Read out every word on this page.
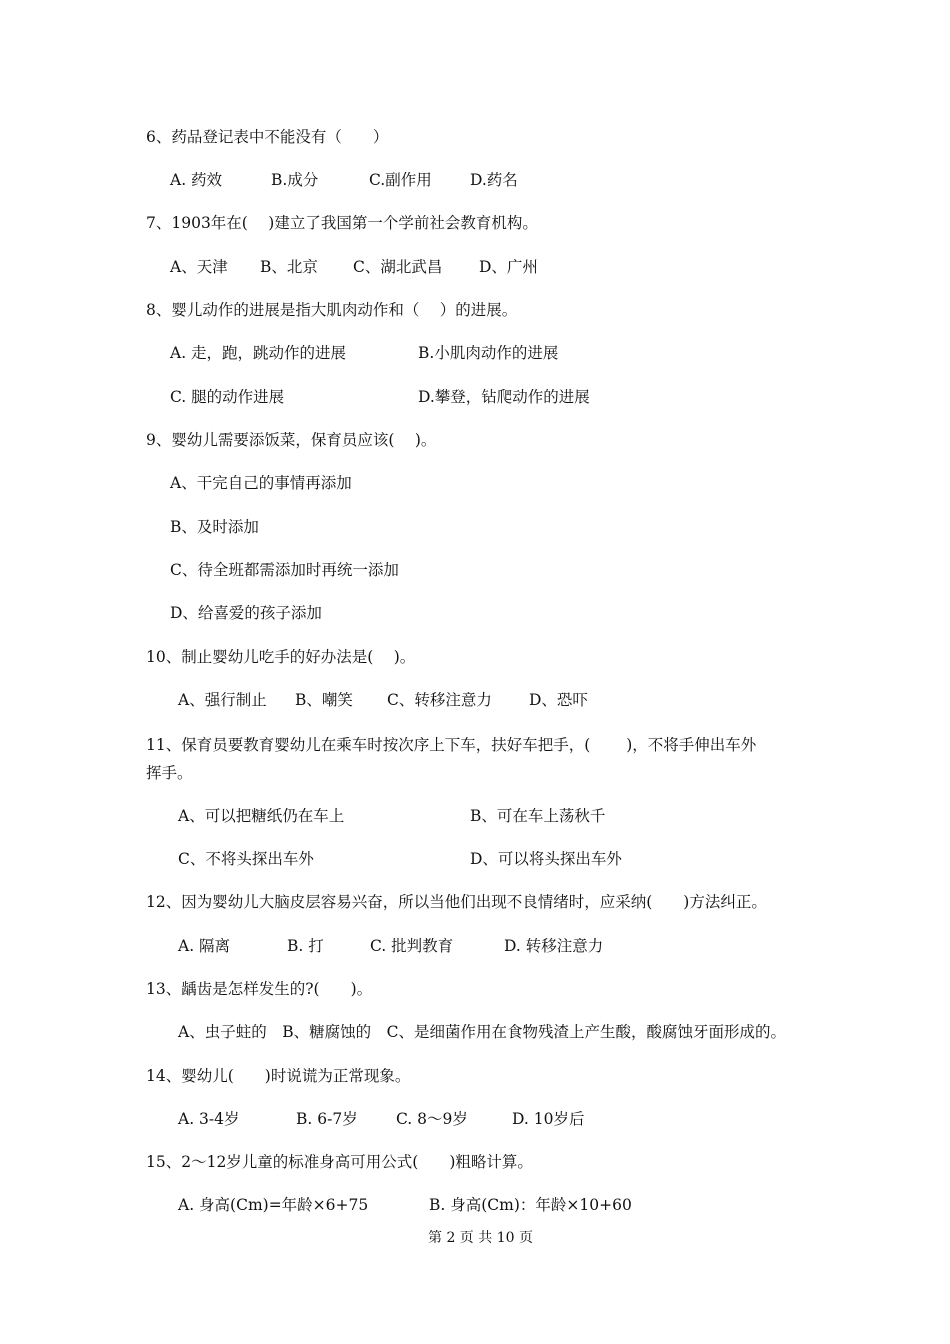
6、药品登记表中不能没有（　　）
A. 药效	B.成分	C.副作用 D.药名
7、1903年在(　 )建立了我国第一个学前社会教育机构。
A、天津 B、北京 C、湖北武昌 D、广州
8、婴儿动作的进展是指大肌肉动作和（　 ）的进展。
A. 走，跑，跳动作的进展	B.小肌肉动作的进展
C. 腿的动作进展	D.攀登，钻爬动作的进展
9、婴幼儿需要添饭菜，保育员应该(　 )。
A、干完自己的事情再添加
B、及时添加
C、待全班都需添加时再统一添加
D、给喜爱的孩子添加
10、制止婴幼儿吃手的好办法是(　 )。
A、强行制止 B、嘲笑 C、转移注意力 D、恐吓
11、保育员要教育婴幼儿在乘车时按次序上下车，扶好车把手，(　　 )，不将手伸出车外
挥手。
A、可以把糖纸仍在车上	B、可在车上荡秋千
C、不将头探出车外	D、可以将头探出车外
12、因为婴幼儿大脑皮层容易兴奋，所以当他们出现不良情绪时，应采纳(　　)方法纠正。
A. 隔离	B. 打	C. 批判教育	D. 转移注意力
13、龋齿是怎样发生的?(　　)。
A、虫子蛀的　B、糖腐蚀的　C、是细菌作用在食物残渣上产生酸，酸腐蚀牙面形成的。
14、婴幼儿(　　)时说谎为正常现象。
A. 3-4岁	B. 6-7岁 C. 8～9岁	D. 10岁后
15、2～12岁儿童的标准身高可用公式(　　)粗略计算。
A. 身高(Cm)=年龄×6+75	B. 身高(Cm)：年龄×10+60
第 2 页 共 10 页
